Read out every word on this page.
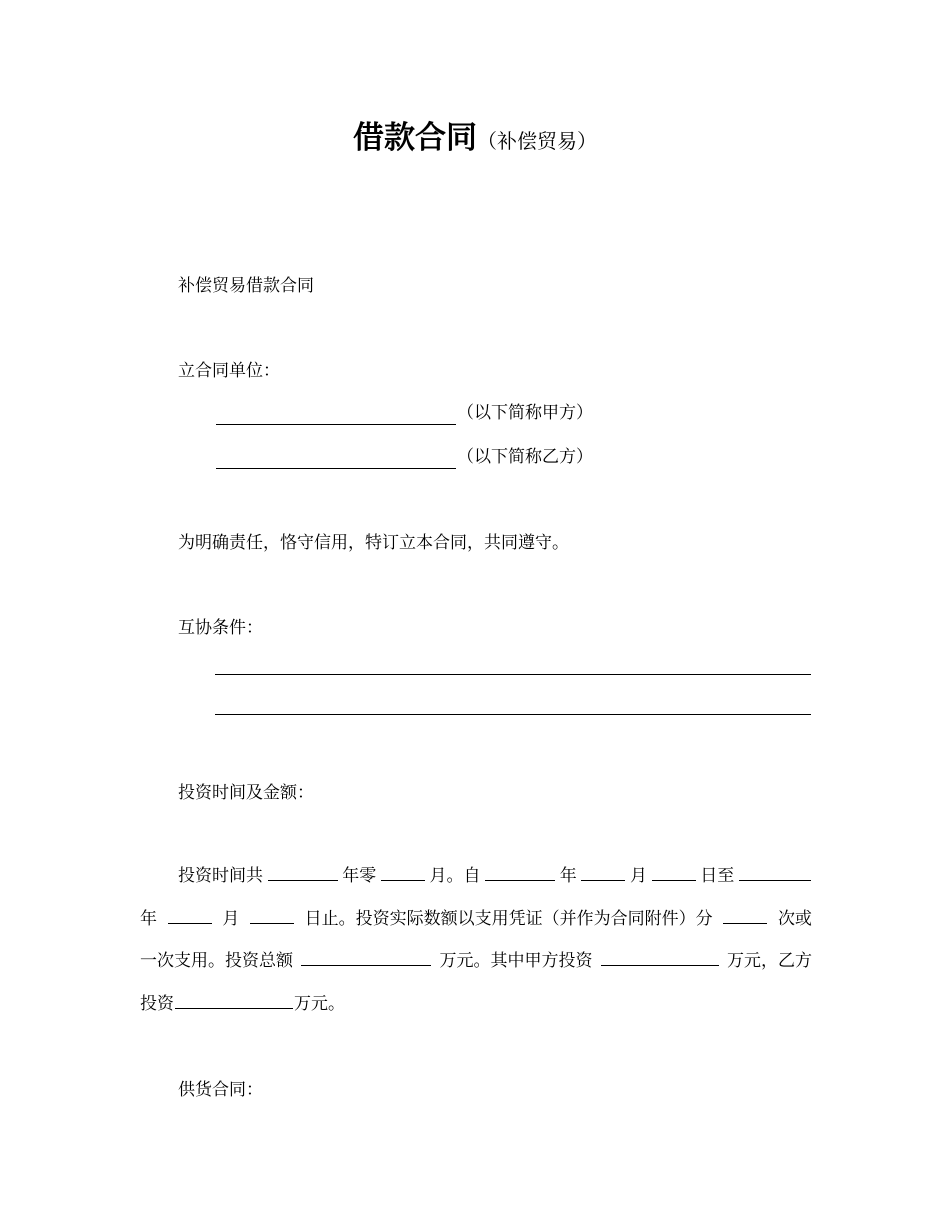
借款合同（补偿贸易）
补偿贸易借款合同
立合同单位：
（以下简称甲方）
（以下简称乙方）
为明确责任，恪守信用，特订立本合同，共同遵守。
互协条件：
投资时间及金额：
投资时间共	年零	月。自	年	月	日至
年	月	日止。投资实际数额以支用凭证（并作为合同附件）分	次或
一次支用。投资总额	万元。其中甲方投资	万元，乙方
投资	万元。
供货合同：
